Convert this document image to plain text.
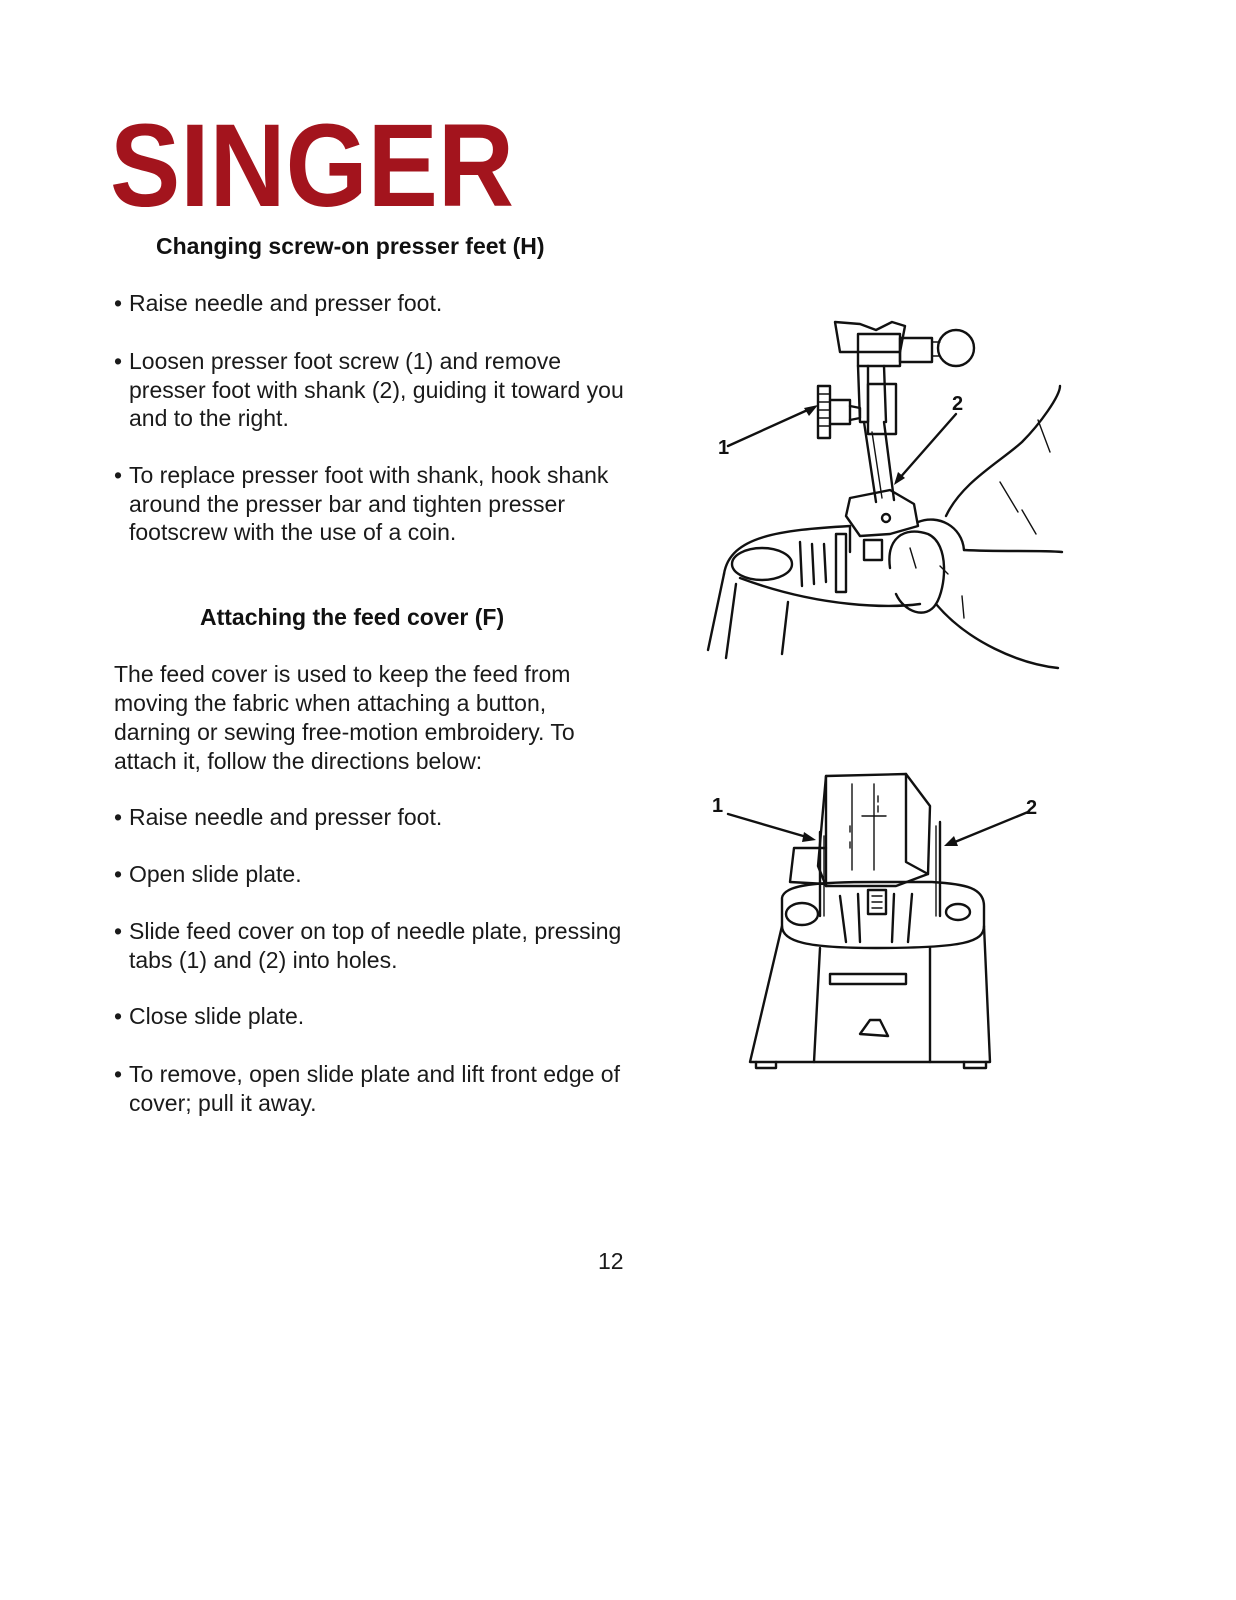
SINGER
Changing screw-on presser feet (H)
• Raise needle and presser foot.
• Loosen presser foot screw (1) and remove presser foot with shank (2), guiding it toward you and to the right.
• To replace presser foot with shank, hook shank around the presser bar and tighten presser footscrew with the use of a coin.
Attaching the feed cover (F)
The feed cover is used to keep the feed from moving the fabric when attaching a button, darning or sewing free-motion embroidery. To attach it, follow the directions below:
• Raise needle and presser foot.
• Open slide plate.
• Slide feed cover on top of needle plate, pressing tabs (1) and (2) into holes.
• Close slide plate.
• To remove, open slide plate and lift front edge of cover; pull it away.
1
2
1	2
12
